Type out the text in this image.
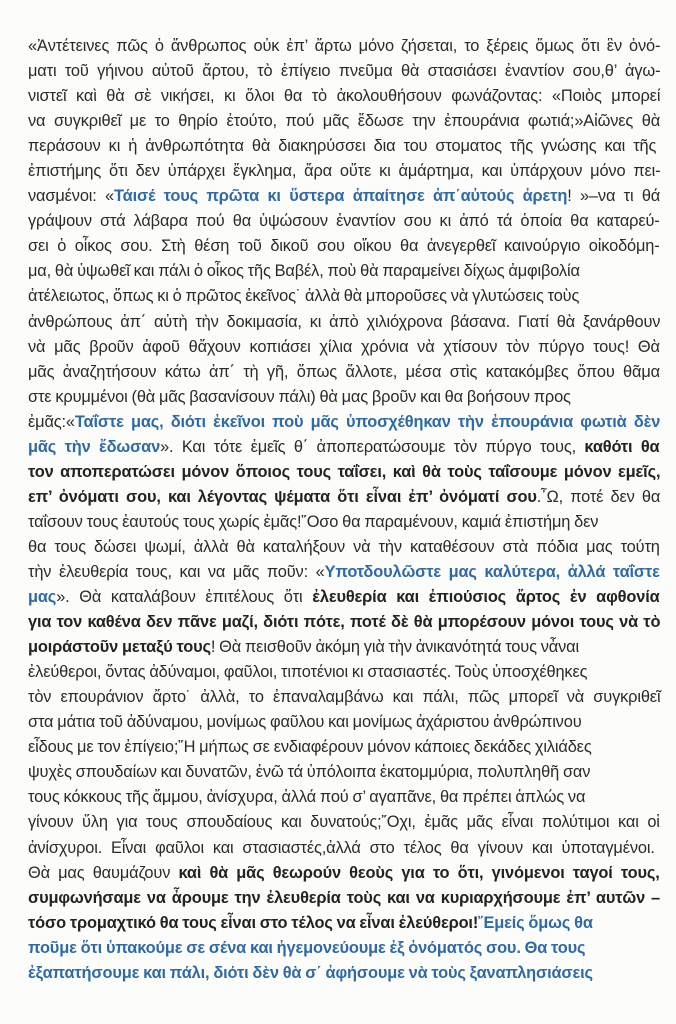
«Ἀντέτεινες πῶς ὁ ἄνθρωπος οὐκ ἐπ’ ἄρτω μόνο ζήσεται, το ξέρεις ὅμως ὅτι ἓν ὀνό-
ματι τοῦ γήινου αὐτοῦ ἄρτου, τὸ ἐπίγειο πνεῦμα θὰ στασιάσει ἐναντίον σου,θ’ ἀγω-
νιστεῖ καὶ θὰ σὲ νικήσει, κι ὅλοι θα τὸ ἀκολουθήσουν φωνάζοντας: «Ποιὸς μπορεί
να συγκριθεῖ με το θηρίο ἐτούτο, πού μᾶς ἔδωσε την ἐπουράνια φωτιά;»Αἰῶνες θὰ
περάσουν κι ἡ ἀνθρωπότητα θὰ διακηρύσσει δια του στοματος τῆς γνώσης και τῆς
ἐπιστήμης ὅτι δεν ὑπάρχει ἔγκλημα, ἄρα οὔτε κι ἁμάρτημα, και ὑπάρχουν μόνο πει-
νασμένοι: «Τάισέ τους πρῶτα κι ὕστερα ἀπαίτησε ἀπ΄αὐτούς ἀρετη! »–να τι θά
γράψουν στά λάβαρα πού θα ὑψώσουν ἐναντίον σου κι ἀπό τά ὁποία θα καταρεύ-
σει ὁ οἶκος σου. Στὴ θέση τοῦ δικοῦ σου οἴκου θα ἀνεγερθεῖ καινούργιο οἰκοδόμη-
μα, θὰ ὑψωθεῖ και πάλι ὁ οἶκος τῆς Βαβέλ, ποὺ θὰ παραμείνει δίχως ἀμφιβολία
ἀτέλειωτος, ὅπως κι ὁ πρῶτος ἐκεῖνος˙ ἀλλὰ θὰ μποροῦσες νὰ γλυτώσεις τοὺς
ἀνθρώπους ἀπ΄ αὐτὴ τὴν δοκιμασία, κι ἀπὸ χιλιόχρονα βάσανα. Γιατί θὰ ξανάρθουν
νὰ μᾶς βροῦν ἀφοῦ θἄχουν κοπιάσει χίλια χρόνια νὰ χτίσουν τὸν πύργο τους! Θὰ
μᾶς ἀναζητήσουν κάτω ἀπ΄ τὴ γῆ, ὅπως ἄλλοτε, μέσα στὶς κατακόμβες ὅπου θᾶμα
στε κρυμμένοι (θὰ μᾶς βασανίσουν πάλι) θὰ μας βροῦν και θα βοήσουν προς
ἐμᾶς:«Ταΐστε μας, διότι ἐκεῖνοι ποὺ μᾶς ὑποσχέθηκαν τὴν ἐπουράνια φωτιὰ δὲν
μᾶς τὴν ἔδωσαν». Και τότε ἐμεῖς θ΄ ἀποπερατώσουμε τὸν πύργο τους, καθότι θα
τον αποπερατώσει μόνον ὅποιος τους ταΐσει, καὶ θὰ τοὺς ταΐσουμε μόνον εμεῖς,
επ’ ὀνόματι σου, και λέγοντας ψέματα ὅτι εἶναι ἐπ’ ὀνόματί σου.῏Ω, ποτέ δεν θα
ταΐσουν τους ἑαυτούς τους χωρίς ἐμᾶς!῞Οσο θα παραμένουν, καμιά ἐπιστήμη δεν
θα τους δώσει ψωμί, ἀλλὰ θὰ καταλήξουν νὰ τὴν καταθέσουν στὰ πόδια μας τούτη
τὴν ἐλευθερία τους, και να μᾶς ποῦν: «Υποτδουλῶστε μας καλύτερα, ἀλλά ταΐστε
μας». Θὰ καταλάβουν ἐπιτέλους ὅτι ἐλευθερία και ἐπιούσιος ἄρτος ἐν αφθονία
για τον καθένα δεν πᾶνε μαζί, διότι πότε, ποτέ δὲ θὰ μπορέσουν μόνοι τους νὰ τὸ
μοιράστοῦν μεταξύ τους! Θὰ πεισθοῦν ἀκόμη γιὰ τὴν ἀνικανότητά τους νἆναι
ἐλεύθεροι, ὄντας ἀδύναμοι, φαῦλοι, τιποτένιοι κι στασιαστές. Τοὺς ὑποσχέθηκες
τὸν επουράνιον ἄρτο˙ ἀλλὰ, το ἐπαναλαμβάνω και πάλι, πῶς μπορεῖ νὰ συγκριθεῖ
στα μάτια τοῦ ἀδύναμου, μονίμως φαῦλου και μονίμως ἀχάριστου ἀνθρώπινου
εἶδους με τον ἐπίγειο;῞Η μήπως σε ενδιαφέρουν μόνον κάποιες δεκάδες χιλιάδες
ψυχὲς σπουδαίων και δυνατῶν, ἐνῶ τά ὑπόλοιπα ἑκατομμύρια, πολυπληθῆ σαν
τους κόκκους τῆς ἄμμου, ἀνίσχυρα, ἀλλά πού σ’ αγαπᾶνε, θα πρέπει ἁπλώς να
γίνουν ὕλη για τους σπουδαίους και δυνατούς;῎Οχι, ἐμᾶς μᾶς εἶναι πολύτιμοι και οἱ
ἀνίσχυροι. Εἶναι φαῦλοι και στασιαστές,ἀλλά στο τέλος θα γίνουν και ὑποταγμένοι.
Θὰ μας θαυμάζουν καὶ θὰ μᾶς θεωρούν θεοὺς για το ὅτι, γινόμενοι ταγοί τους,
συμφωνήσαμε να ἆρουμε την ἐλευθερία τοὺς και να κυριαρχήσουμε ἐπ’ αυτῶν –
τόσο τρομαχτικό θα τους εἶναι στο τέλος να εἶναι ἐλεύθεροι!῎Εμείς ὅμως θα
ποῦμε ὅτι ὑπακούμε σε σένα και ἡγεμονεύουμε ἐξ ὀνόματός σου. Θα τους
ἐξαπατήσουμε και πάλι, διότι δὲν θὰ σ΄ ἀφήσουμε νὰ τοὺς ξαναπλησιάσεις
